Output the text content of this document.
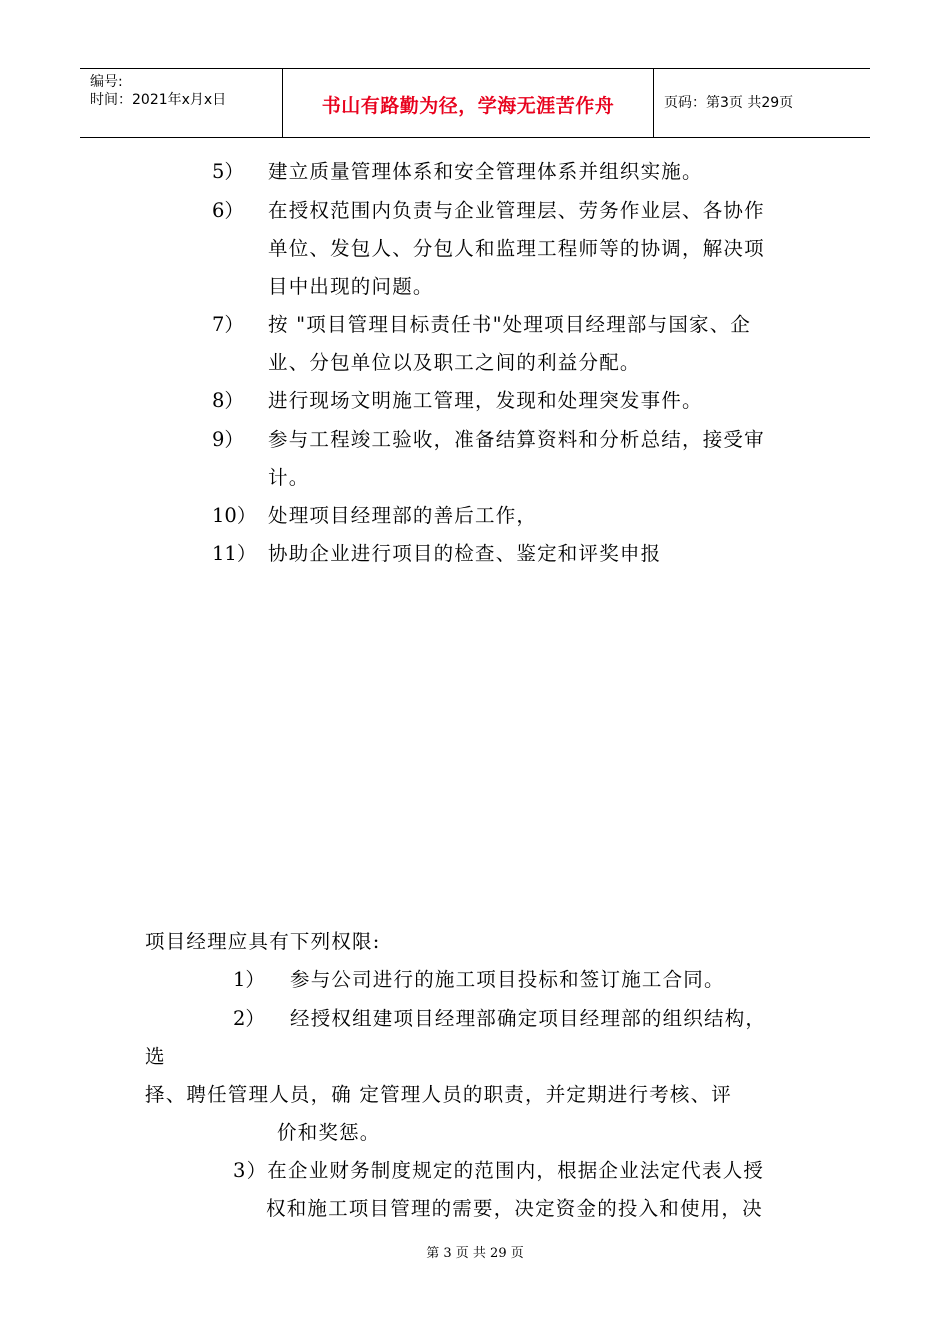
编号:
时间：2021年x月x日	书山有路勤为径，学海无涯苦作舟	页码：第3页 共29页
5） 建立质量管理体系和安全管理体系并组织实施。
6） 在授权范围内负责与企业管理层、劳务作业层、各协作
单位、发包人、分包人和监理工程师等的协调，解决项
目中出现的问题。
7） 按 "项目管理目标责任书"处理项目经理部与国家、企
业、分包单位以及职工之间的利益分配。
8） 进行现场文明施工管理，发现和处理突发事件。
9） 参与工程竣工验收，准备结算资料和分析总结，接受审
计。
10） 处理项目经理部的善后工作，
11） 协助企业进行项目的检查、鉴定和评奖申报
项目经理应具有下列权限:
1） 参与公司进行的施工项目投标和签订施工合同。
2） 经授权组建项目经理部确定项目经理部的组织结构，
选
择、聘任管理人员，确 定管理人员的职责，并定期进行考核、评
价和奖惩。
3）在企业财务制度规定的范围内，根据企业法定代表人授
权和施工项目管理的需要，决定资金的投入和使用，决
第 3 页 共 29 页
